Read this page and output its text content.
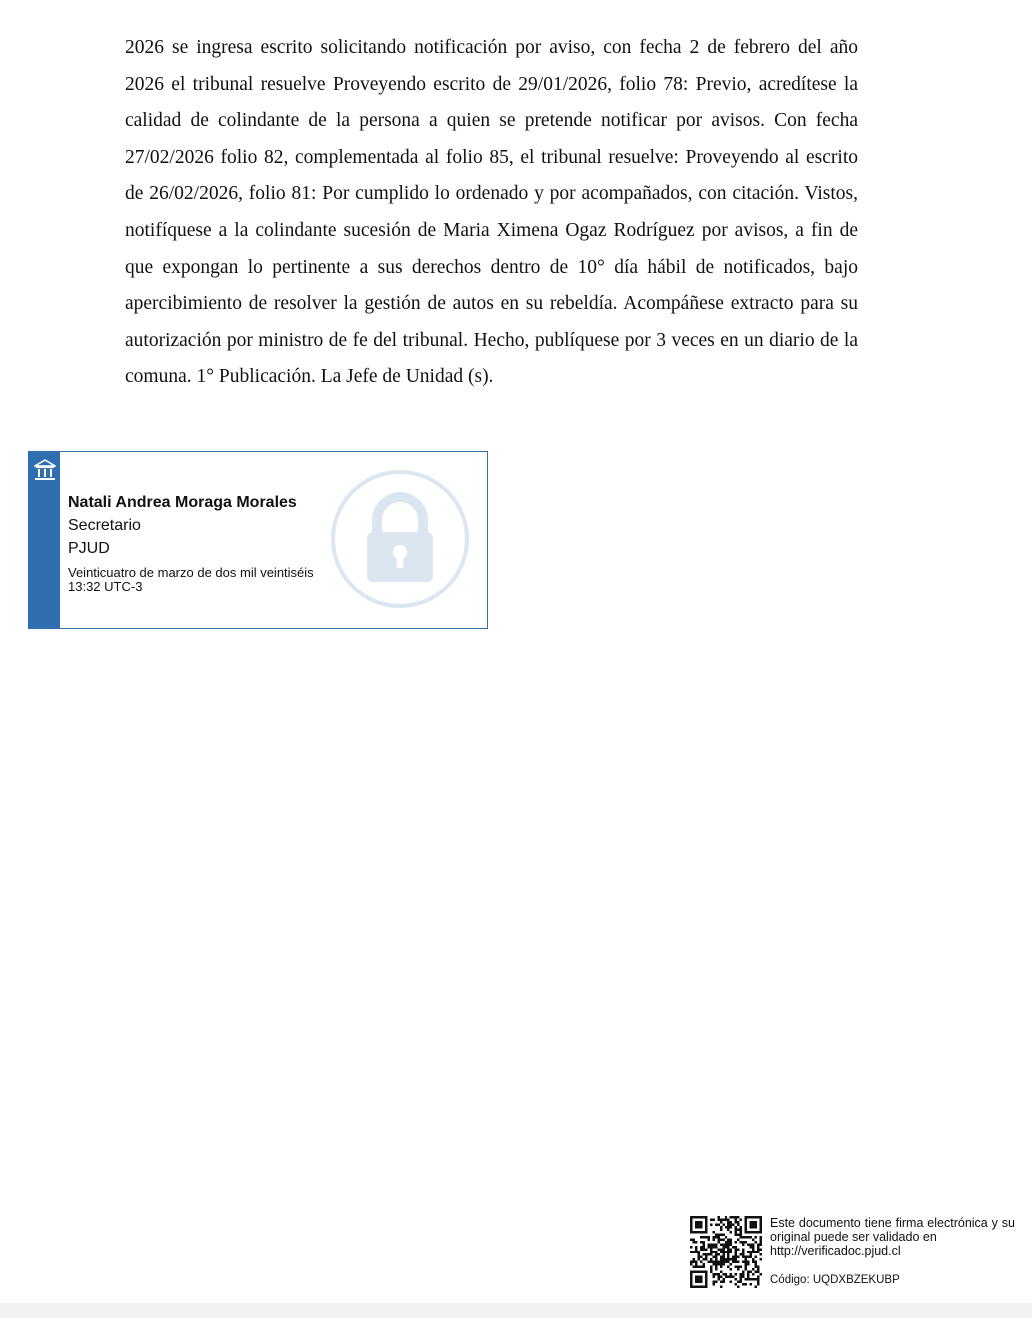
2026 se ingresa escrito solicitando notificación por aviso, con fecha 2 de febrero del año 2026 el tribunal resuelve Proveyendo escrito de 29/01/2026, folio 78: Previo, acredítese la calidad de colindante de la persona a quien se pretende notificar por avisos. Con fecha 27/02/2026 folio 82, complementada al folio 85, el tribunal resuelve: Proveyendo al escrito de 26/02/2026, folio 81: Por cumplido lo ordenado y por acompañados, con citación. Vistos, notifíquese a la colindante sucesión de Maria Ximena Ogaz Rodríguez por avisos, a fin de que expongan lo pertinente a sus derechos dentro de 10° día hábil de notificados, bajo apercibimiento de resolver la gestión de autos en su rebeldía. Acompáñese extracto para su autorización por ministro de fe del tribunal. Hecho, publíquese por 3 veces en un diario de la comuna. 1° Publicación. La Jefe de Unidad (s).

Natali Andrea Moraga Morales
Secretario
PJUD
Veinticuatro de marzo de dos mil veintiséis
13:32 UTC-3
Este documento tiene firma electrónica y su original puede ser validado en
http://verificadoc.pjud.cl
Código: UQDXBZEKUBP
